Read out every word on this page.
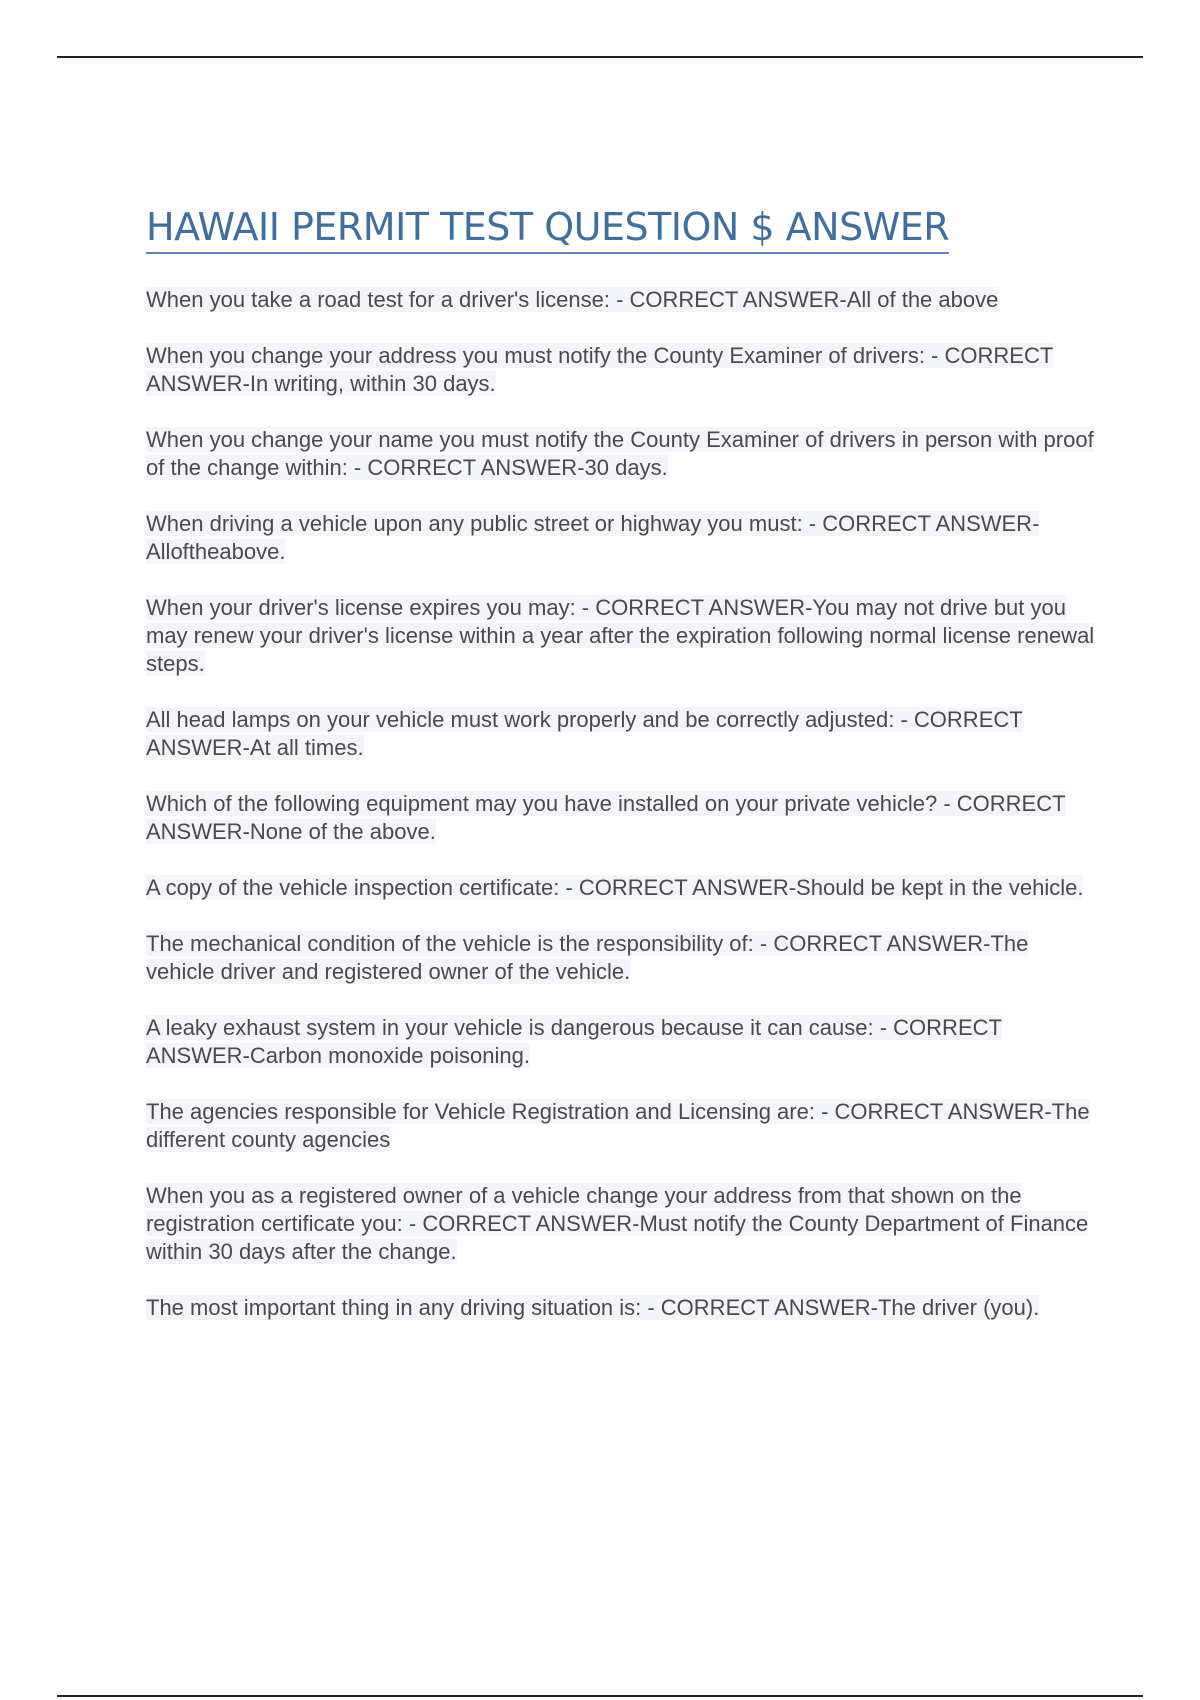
HAWAII PERMIT TEST QUESTION $ ANSWER
When you take a road test for a driver's license: - CORRECT ANSWER-All of the above
When you change your address you must notify the County Examiner of drivers: - CORRECT ANSWER-In writing, within 30 days.
When you change your name you must notify the County Examiner of drivers in person with proof of the change within: - CORRECT ANSWER-30 days.
When driving a vehicle upon any public street or highway you must: - CORRECT ANSWER-Alloftheabove.
When your driver's license expires you may: - CORRECT ANSWER-You may not drive but you may renew your driver's license within a year after the expiration following normal license renewal steps.
All head lamps on your vehicle must work properly and be correctly adjusted: - CORRECT ANSWER-At all times.
Which of the following equipment may you have installed on your private vehicle? - CORRECT ANSWER-None of the above.
A copy of the vehicle inspection certificate: - CORRECT ANSWER-Should be kept in the vehicle.
The mechanical condition of the vehicle is the responsibility of: - CORRECT ANSWER-The vehicle driver and registered owner of the vehicle.
A leaky exhaust system in your vehicle is dangerous because it can cause: - CORRECT ANSWER-Carbon monoxide poisoning.
The agencies responsible for Vehicle Registration and Licensing are: - CORRECT ANSWER-The different county agencies
When you as a registered owner of a vehicle change your address from that shown on the registration certificate you: - CORRECT ANSWER-Must notify the County Department of Finance within 30 days after the change.
The most important thing in any driving situation is: - CORRECT ANSWER-The driver (you).
